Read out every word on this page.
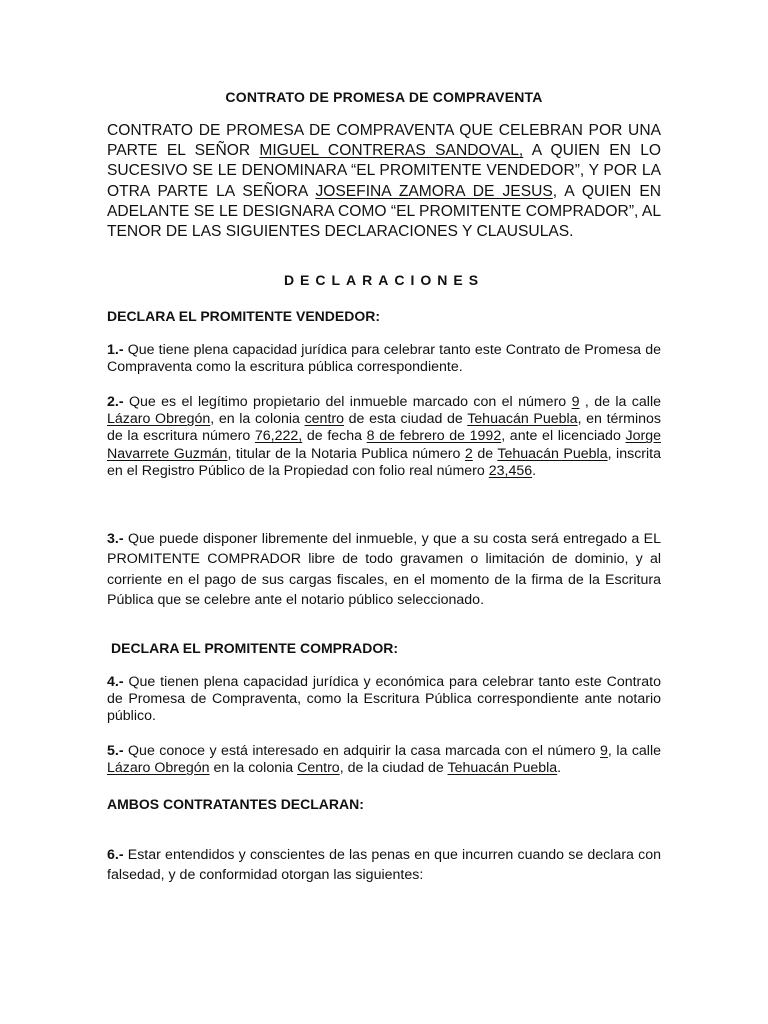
CONTRATO DE PROMESA DE COMPRAVENTA

CONTRATO DE PROMESA DE COMPRAVENTA QUE CELEBRAN POR UNA PARTE EL SEÑOR MIGUEL CONTRERAS SANDOVAL, A QUIEN EN LO SUCESIVO SE LE DENOMINARA “EL PROMITENTE VENDEDOR”, Y POR LA OTRA PARTE LA SEÑORA JOSEFINA ZAMORA DE JESUS, A QUIEN EN ADELANTE SE LE DESIGNARA COMO “EL PROMITENTE COMPRADOR”, AL TENOR DE LAS SIGUIENTES DECLARACIONES Y CLAUSULAS.

DECLARACIONES
DECLARA EL PROMITENTE VENDEDOR:

1.- Que tiene plena capacidad jurídica para celebrar tanto este Contrato de Promesa de Compraventa como la escritura pública correspondiente.

2.- Que es el legítimo propietario del inmueble marcado con el número 9 , de la calle Lázaro Obregón, en la colonia centro de esta ciudad de Tehuacán Puebla, en términos de la escritura número 76,222, de fecha 8 de febrero de 1992, ante el licenciado Jorge Navarrete Guzmán, titular de la Notaria Publica número 2 de Tehuacán Puebla, inscrita en el Registro Público de la Propiedad con folio real número 23,456.

3.- Que puede disponer libremente del inmueble, y que a su costa será entregado a EL PROMITENTE COMPRADOR libre de todo gravamen o limitación de dominio, y al corriente en el pago de sus cargas fiscales, en el momento de la firma de la Escritura Pública que se celebre ante el notario público seleccionado.

DECLARA EL PROMITENTE COMPRADOR:

4.- Que tienen plena capacidad jurídica y económica para celebrar tanto este Contrato de Promesa de Compraventa, como la Escritura Pública correspondiente ante notario público.

5.- Que conoce y está interesado en adquirir la casa marcada con el número 9, la calle Lázaro Obregón en la colonia Centro, de la ciudad de Tehuacán Puebla.

AMBOS CONTRATANTES DECLARAN:

6.- Estar entendidos y conscientes de las penas en que incurren cuando se declara con falsedad, y de conformidad otorgan las siguientes:
